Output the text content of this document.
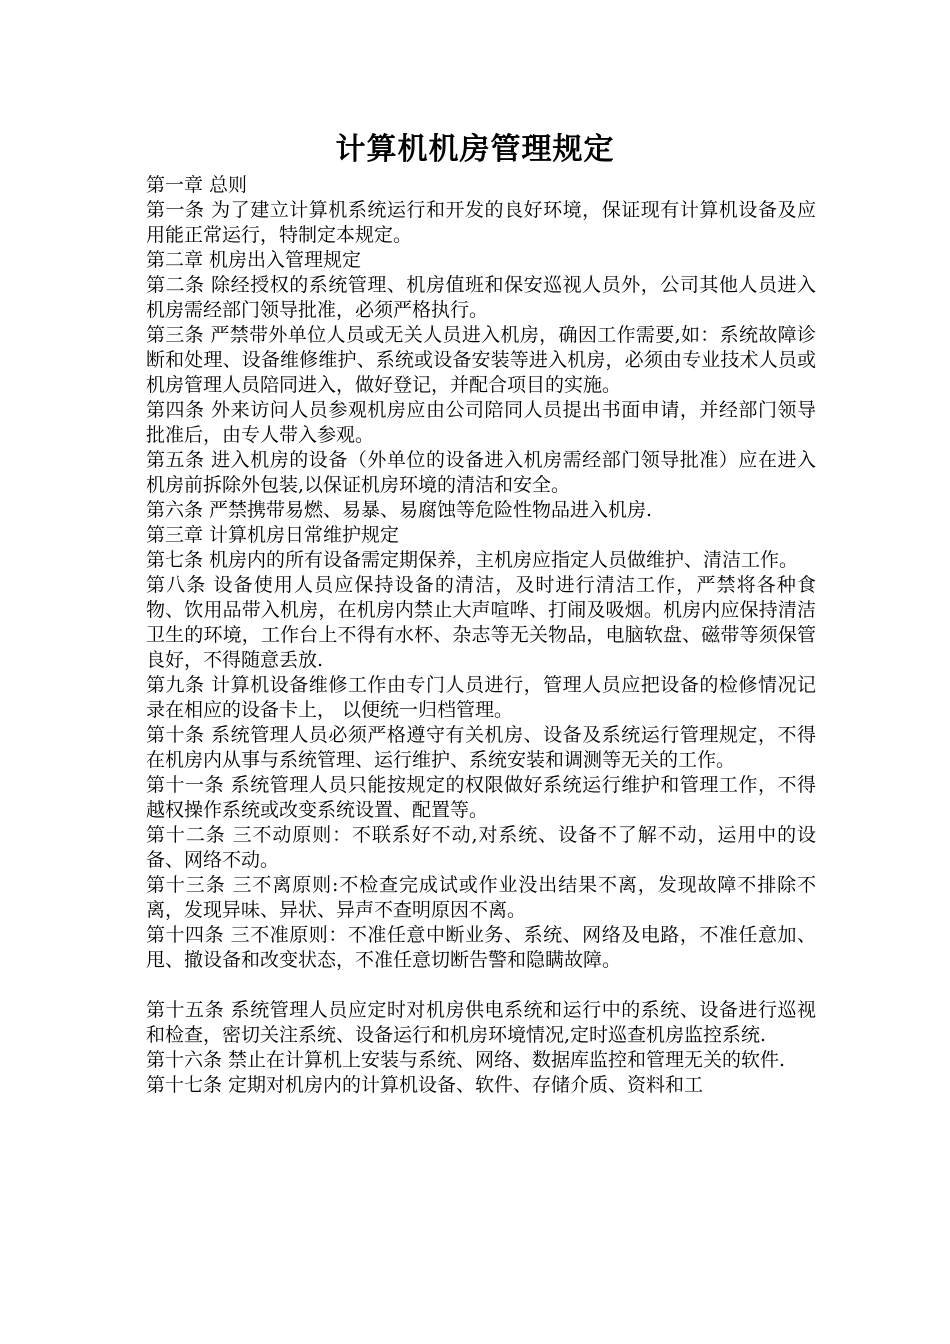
计算机机房管理规定

第一章 总则

第一条 为了建立计算机系统运行和开发的良好环境，保证现有计算机设备及应用能正常运行，特制定本规定。

第二章 机房出入管理规定

第二条 除经授权的系统管理、机房值班和保安巡视人员外，公司其他人员进入机房需经部门领导批准，必须严格执行。

第三条 严禁带外单位人员或无关人员进入机房，确因工作需要,如：系统故障诊断和处理、设备维修维护、系统或设备安装等进入机房，必须由专业技术人员或机房管理人员陪同进入，做好登记，并配合项目的实施。

第四条 外来访问人员参观机房应由公司陪同人员提出书面申请，并经部门领导批准后，由专人带入参观。

第五条 进入机房的设备（外单位的设备进入机房需经部门领导批准）应在进入机房前拆除外包装,以保证机房环境的清洁和安全。

第六条 严禁携带易燃、易暴、易腐蚀等危险性物品进入机房.

第三章 计算机房日常维护规定

第七条 机房内的所有设备需定期保养，主机房应指定人员做维护、清洁工作。

第八条 设备使用人员应保持设备的清洁，及时进行清洁工作，严禁将各种食物、饮用品带入机房，在机房内禁止大声喧哗、打闹及吸烟。机房内应保持清洁卫生的环境，工作台上不得有水杯、杂志等无关物品，电脑软盘、磁带等须保管良好，不得随意丢放.

第九条 计算机设备维修工作由专门人员进行，管理人员应把设备的检修情况记录在相应的设备卡上， 以便统一归档管理。

第十条 系统管理人员必须严格遵守有关机房、设备及系统运行管理规定，不得在机房内从事与系统管理、运行维护、系统安装和调测等无关的工作。

第十一条 系统管理人员只能按规定的权限做好系统运行维护和管理工作，不得越权操作系统或改变系统设置、配置等。

第十二条 三不动原则：不联系好不动,对系统、设备不了解不动，运用中的设备、网络不动。

第十三条 三不离原则:不检查完成试或作业没出结果不离，发现故障不排除不离，发现异味、异状、异声不查明原因不离。

第十四条 三不准原则：不准任意中断业务、系统、网络及电路，不准任意加、甩、撤设备和改变状态，不准任意切断告警和隐瞒故障。

第十五条 系统管理人员应定时对机房供电系统和运行中的系统、设备进行巡视和检查，密切关注系统、设备运行和机房环境情况,定时巡查机房监控系统.

第十六条 禁止在计算机上安装与系统、网络、数据库监控和管理无关的软件.

第十七条 定期对机房内的计算机设备、软件、存储介质、资料和工
